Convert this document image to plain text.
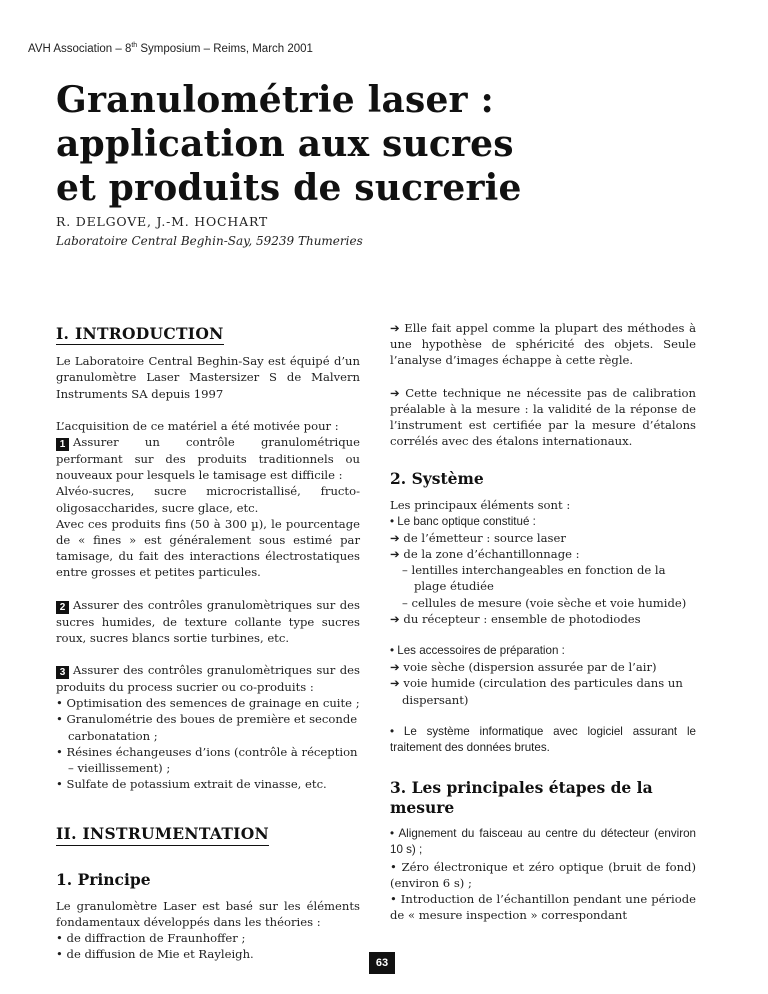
AVH Association – 8th Symposium – Reims, March 2001
Granulométrie laser :
application aux sucres
et produits de sucrerie
R. DELGOVE, J.-M. HOCHART
Laboratoire Central Beghin-Say, 59239 Thumeries
I. INTRODUCTION

Le Laboratoire Central Beghin-Say est équipé d’un granulomètre Laser Mastersizer S de Malvern Instruments SA depuis 1997

L’acquisition de ce matériel a été motivée pour :

1 Assurer un contrôle granulométrique performant sur des produits traditionnels ou nouveaux pour lesquels le tamisage est difficile :

Alvéo-sucres, sucre microcristallisé, fructo-oligosaccharides, sucre glace, etc.

Avec ces produits fins (50 à 300 µ), le pourcentage de « fines » est généralement sous estimé par tamisage, du fait des interactions électrostatiques entre grosses et petites particules.

2 Assurer des contrôles granulomètriques sur des sucres humides, de texture collante type sucres roux, sucres blancs sortie turbines, etc.

3 Assurer des contrôles granulomètriques sur des produits du process sucrier ou co-produits :

• Optimisation des semences de grainage en cuite ;
• Granulométrie des boues de première et seconde carbonatation ;
• Résines échangeuses d’ions (contrôle à réception – vieillissement) ;
• Sulfate de potassium extrait de vinasse, etc.
II. INSTRUMENTATION
1. Principe

Le granulomètre Laser est basé sur les éléments fondamentaux développés dans les théories :

• de diffraction de Fraunhoffer ;
• de diffusion de Mie et Rayleigh.

➔ Elle fait appel comme la plupart des méthodes à une hypothèse de sphéricité des objets. Seule l’analyse d’images échappe à cette règle.

➔ Cette technique ne nécessite pas de calibration préalable à la mesure : la validité de la réponse de l’instrument est certifiée par la mesure d’étalons corrélés avec des étalons internationaux.

2. Système
Les principaux éléments sont :
• Le banc optique constitué :
➔ de l’émetteur : source laser
➔ de la zone d’échantillonnage :
– lentilles interchangeables en fonction de la plage étudiée
– cellules de mesure (voie sèche et voie humide)
➔ du récepteur : ensemble de photodiodes
• Les accessoires de préparation :
➔ voie sèche (dispersion assurée par de l’air)
➔ voie humide (circulation des particules dans un dispersant)

• Le système informatique avec logiciel assurant le traitement des données brutes.

3. Les principales étapes de la mesure

• Alignement du faisceau au centre du détecteur (environ 10 s) ;

• Zéro électronique et zéro optique (bruit de fond) (environ 6 s) ;

• Introduction de l’échantillon pendant une période de « mesure inspection » correspondant

63
